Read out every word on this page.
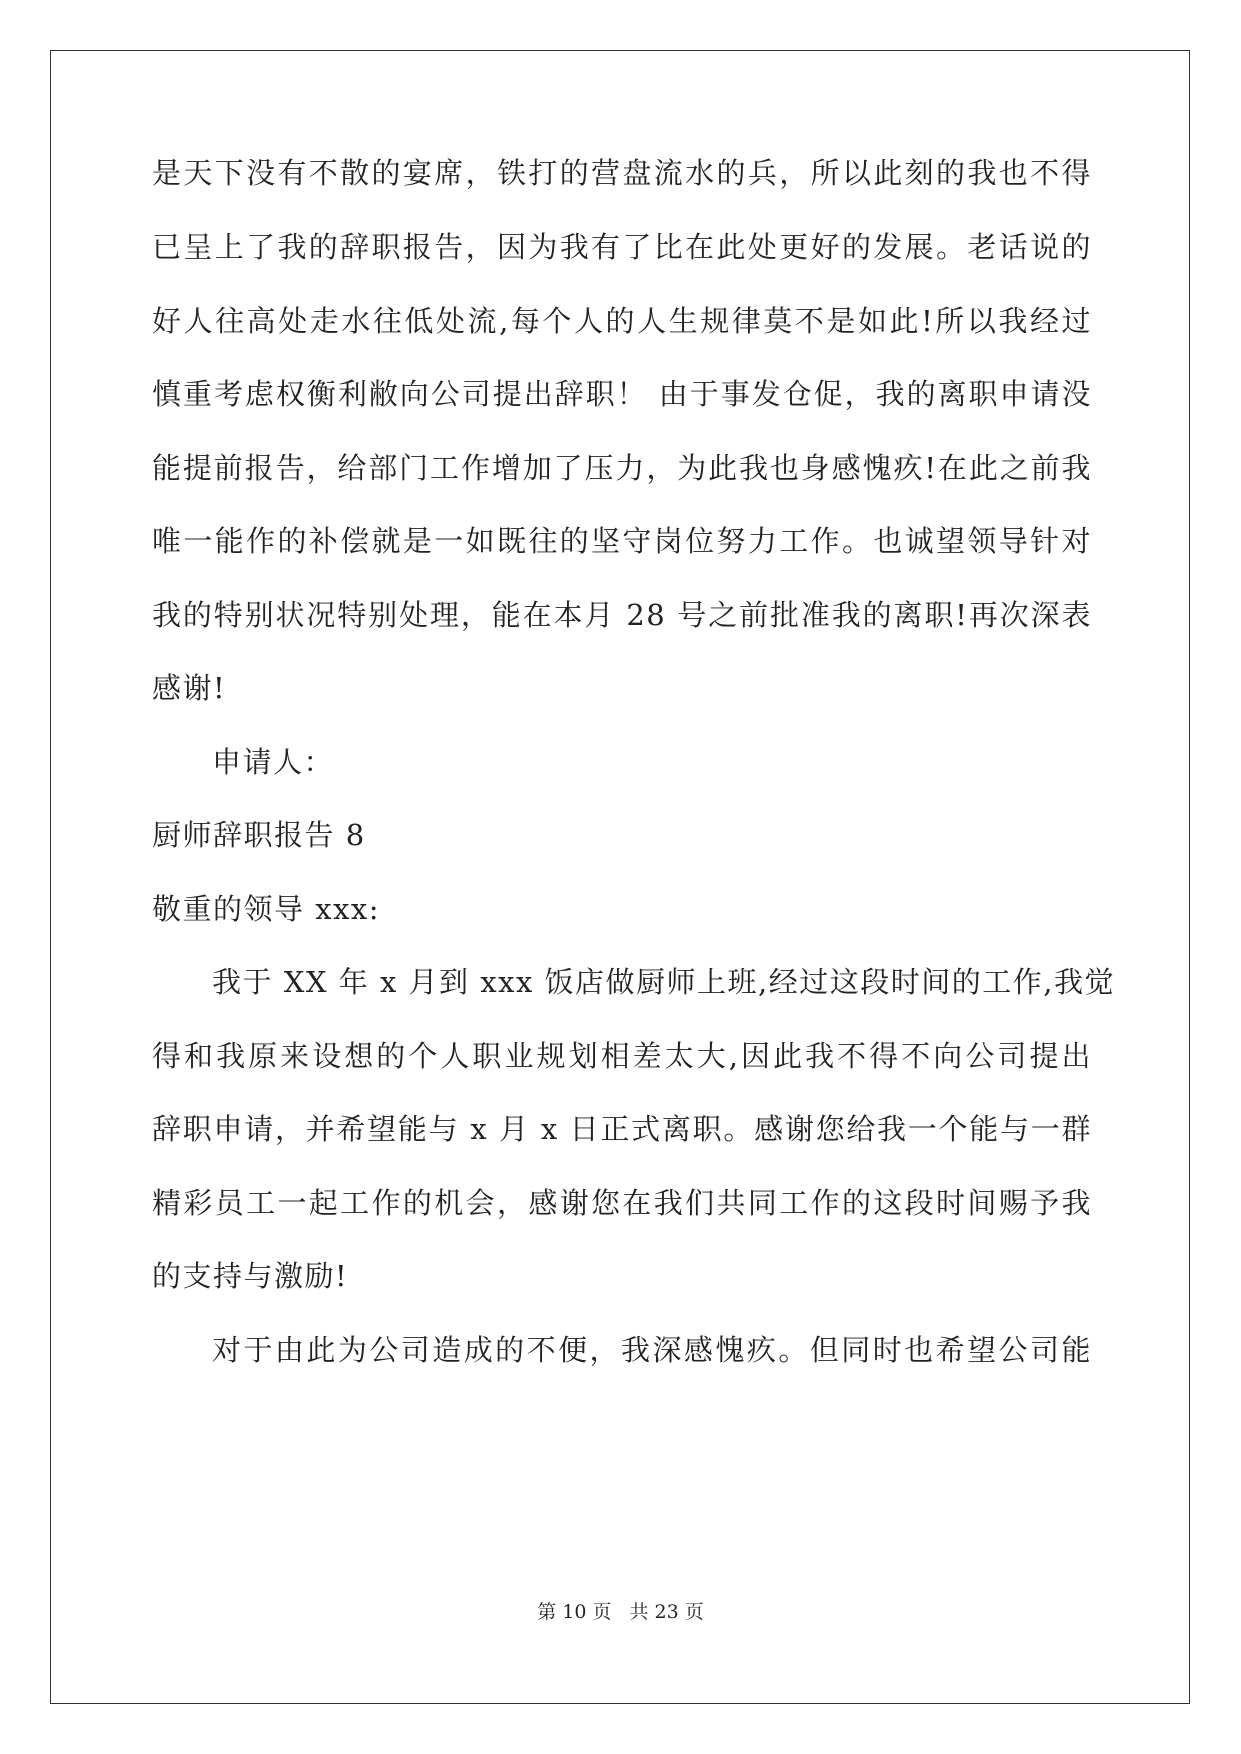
是天下没有不散的宴席，铁打的营盘流水的兵，所以此刻的我也不得
已呈上了我的辞职报告，因为我有了比在此处更好的发展。老话说的
好人往高处走水往低处流,每个人的人生规律莫不是如此!所以我经过
慎重考虑权衡利敝向公司提出辞职！ 由于事发仓促，我的离职申请没
能提前报告，给部门工作增加了压力，为此我也身感愧疚!在此之前我
唯一能作的补偿就是一如既往的坚守岗位努力工作。也诚望领导针对
我的特别状况特别处理，能在本月 28 号之前批准我的离职!再次深表
感谢!
申请人：
厨师辞职报告 8
敬重的领导 xxx:
我于 XX 年 x 月到 xxx 饭店做厨师上班,经过这段时间的工作,我觉
得和我原来设想的个人职业规划相差太大,因此我不得不向公司提出
辞职申请，并希望能与 x 月 x 日正式离职。感谢您给我一个能与一群
精彩员工一起工作的机会，感谢您在我们共同工作的这段时间赐予我
的支持与激励!
对于由此为公司造成的不便，我深感愧疚。但同时也希望公司能
第 10 页 共 23 页
